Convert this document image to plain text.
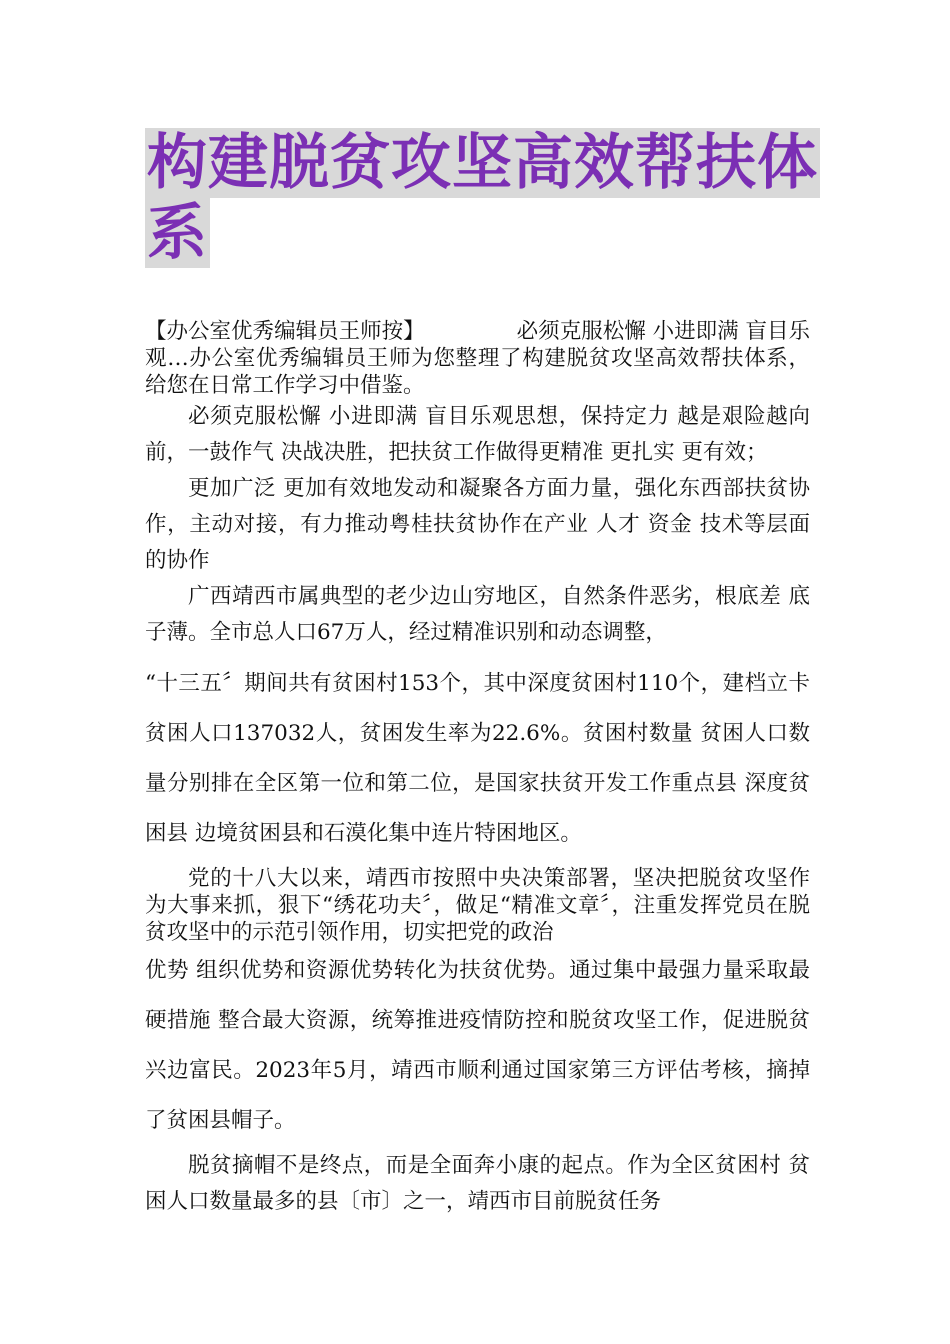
构建脱贫攻坚高效帮扶体
系

【办公室优秀编辑员王师按】	必须克服松懈 小进即满 盲目乐观…办公室优秀编辑员王师为您整理了构建脱贫攻坚高效帮扶体系，给您在日常工作学习中借鉴。

必须克服松懈 小进即满 盲目乐观思想，保持定力 越是艰险越向前，一鼓作气 决战决胜，把扶贫工作做得更精准 更扎实 更有效；

更加广泛 更加有效地发动和凝聚各方面力量，强化东西部扶贫协作，主动对接，有力推动粤桂扶贫协作在产业 人才 资金 技术等层面的协作

广西靖西市属典型的老少边山穷地区，自然条件恶劣，根底差 底子薄。全市总人口67万人，经过精准识别和动态调整，

“十三五〞期间共有贫困村153个，其中深度贫困村110个，建档立卡贫困人口137032人，贫困发生率为22.6%。贫困村数量 贫困人口数量分别排在全区第一位和第二位，是国家扶贫开发工作重点县 深度贫困县 边境贫困县和石漠化集中连片特困地区。

党的十八大以来，靖西市按照中央决策部署，坚决把脱贫攻坚作为大事来抓，狠下“绣花功夫〞，做足“精准文章〞，注重发挥党员在脱贫攻坚中的示范引领作用，切实把党的政治

优势 组织优势和资源优势转化为扶贫优势。通过集中最强力量采取最硬措施 整合最大资源，统筹推进疫情防控和脱贫攻坚工作，促进脱贫兴边富民。2023年5月，靖西市顺利通过国家第三方评估考核，摘掉了贫困县帽子。

脱贫摘帽不是终点，而是全面奔小康的起点。作为全区贫困村 贫困人口数量最多的县〔市〕之一，靖西市目前脱贫任务
